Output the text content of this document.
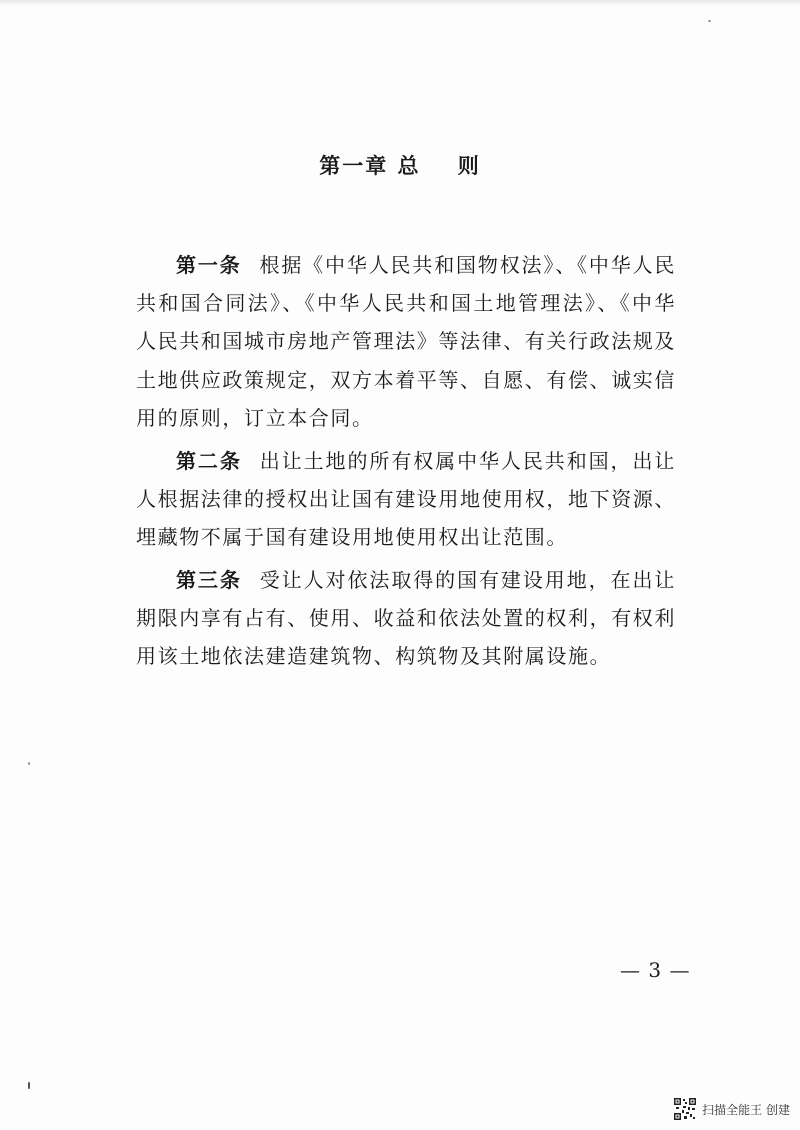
第一章 总    则

第一条 根据《中华人民共和国物权法》、《中华人民共和国合同法》、《中华人民共和国土地管理法》、《中华人民共和国城市房地产管理法》等法律、有关行政法规及土地供应政策规定，双方本着平等、自愿、有偿、诚实信用的原则，订立本合同。

第二条 出让土地的所有权属中华人民共和国，出让人根据法律的授权出让国有建设用地使用权，地下资源、埋藏物不属于国有建设用地使用权出让范围。

第三条 受让人对依法取得的国有建设用地，在出让期限内享有占有、使用、收益和依法处置的权利，有权利用该土地依法建造建筑物、构筑物及其附属设施。

— 3 —
扫描全能王 创建
